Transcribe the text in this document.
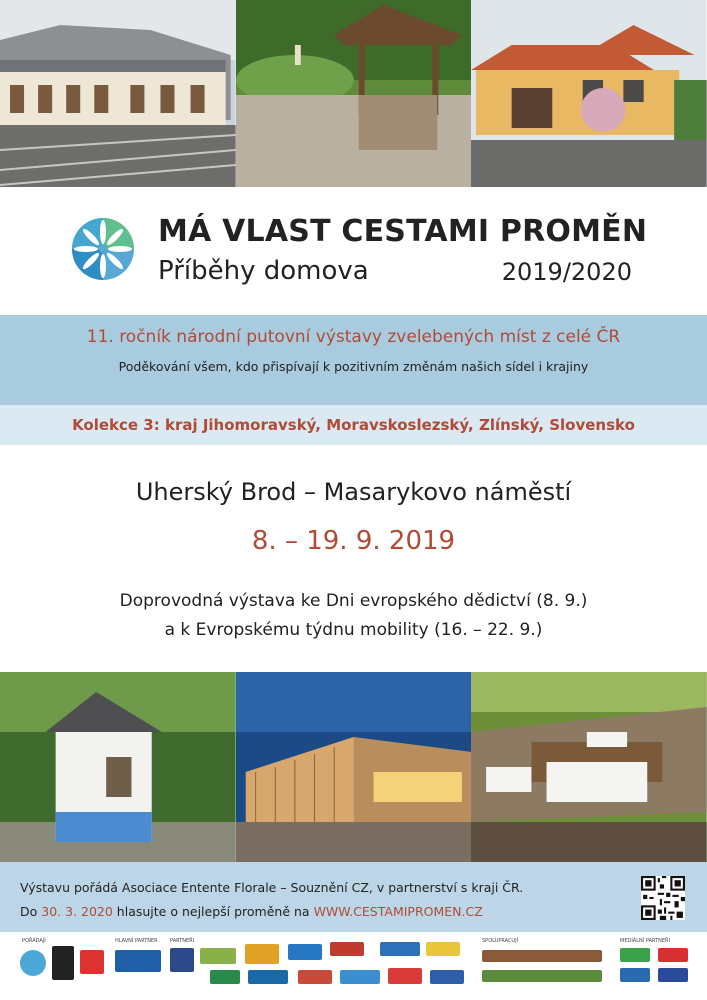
MÁ VLAST CESTAMI PROMĚN
Příběhy domova	2019/2020
11. ročník národní putovní výstavy zvelebených míst z celé ČR
Poděkování všem, kdo přispívají k pozitivním změnám našich sídel i krajiny
Kolekce 3: kraj Jihomoravský, Moravskoslezský, Zlínský, Slovensko
Uherský Brod – Masarykovo náměstí
8. – 19. 9. 2019
Doprovodná výstava ke Dni evropského dědictví (8. 9.)
a k Evropskému týdnu mobility (16. – 22. 9.)
Výstavu pořádá Asociace Entente Florale – Souznění CZ, v partnerství s kraji ČR.
Do 30. 3. 2020 hlasujte o nejlepší proměně na WWW.CESTAMIPROMEN.CZ
POŘÁDAJÍ	HLAVNÍ PARTNER PARTNEŘI	SPOLUPRACUJÍ	MEDIÁLNÍ PARTNEŘI
